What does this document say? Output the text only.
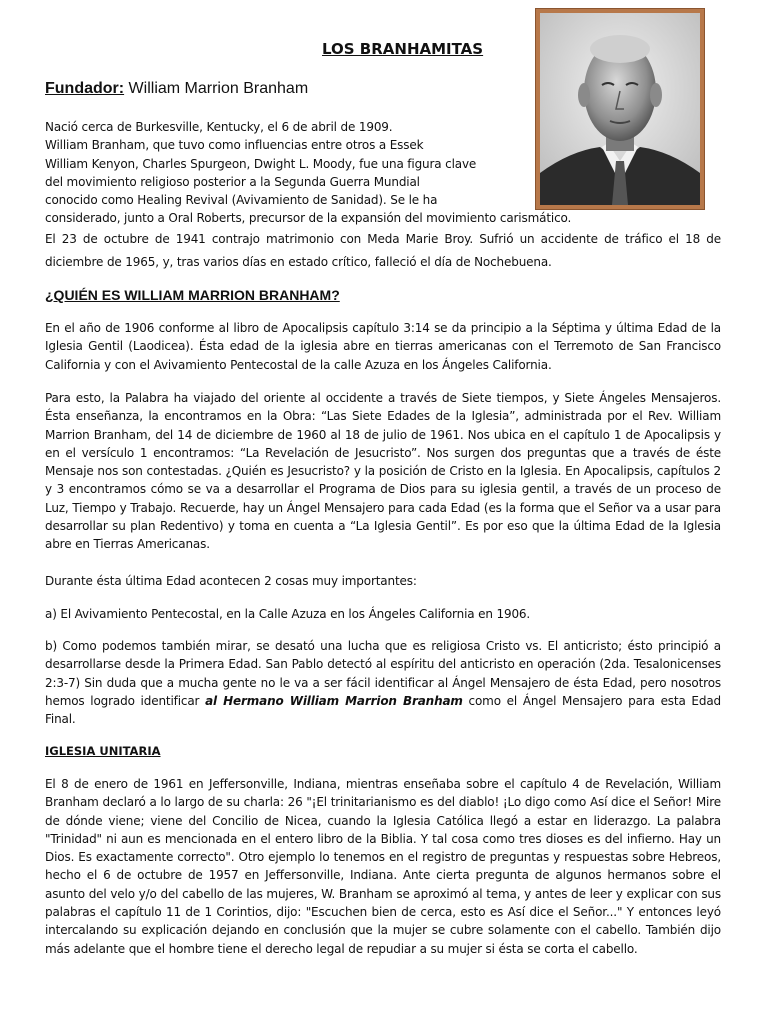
LOS BRANHAMITAS
Fundador: William Marrion Branham
Nació cerca de Burkesville, Kentucky, el 6 de abril de 1909.
William Branham, que tuvo como influencias entre otros a Essek
William Kenyon, Charles Spurgeon, Dwight L. Moody, fue una figura clave
del movimiento religioso posterior a la Segunda Guerra Mundial
conocido como Healing Revival (Avivamiento de Sanidad). Se le ha
considerado, junto a Oral Roberts, precursor de la expansión del movimiento carismático.
El 23 de octubre de 1941 contrajo matrimonio con Meda Marie Broy. Sufrió un accidente de tráfico el 18 de diciembre de 1965, y, tras varios días en estado crítico, falleció el día de Nochebuena.
¿QUIÉN ES WILLIAM MARRION BRANHAM?
En el año de 1906 conforme al libro de Apocalipsis capítulo 3:14 se da principio a la Séptima y última Edad de la Iglesia Gentil (Laodicea). Ésta edad de la iglesia abre en tierras americanas con el Terremoto de San Francisco California y con el Avivamiento Pentecostal de la calle Azuza en los Ángeles California.
Para esto, la Palabra ha viajado del oriente al occidente a través de Siete tiempos, y Siete Ángeles Mensajeros. Ésta enseñanza, la encontramos en la Obra: “Las Siete Edades de la Iglesia”, administrada por el Rev. William Marrion Branham, del 14 de diciembre de 1960 al 18 de julio de 1961. Nos ubica en el capítulo 1 de Apocalipsis y en el versículo 1 encontramos: “La Revelación de Jesucristo”. Nos surgen dos preguntas que a través de éste Mensaje nos son contestadas. ¿Quién es Jesucristo? y la posición de Cristo en la Iglesia. En Apocalipsis, capítulos 2 y 3 encontramos cómo se va a desarrollar el Programa de Dios para su iglesia gentil, a través de un proceso de Luz, Tiempo y Trabajo. Recuerde, hay un Ángel Mensajero para cada Edad (es la forma que el Señor va a usar para desarrollar su plan Redentivo) y toma en cuenta a “La Iglesia Gentil”. Es por eso que la última Edad de la Iglesia abre en Tierras Americanas.
Durante ésta última Edad acontecen 2 cosas muy importantes:
a) El Avivamiento Pentecostal, en la Calle Azuza en los Ángeles California en 1906.
b) Como podemos también mirar, se desató una lucha que es religiosa Cristo vs. El anticristo; ésto principió a desarrollarse desde la Primera Edad. San Pablo detectó al espíritu del anticristo en operación (2da. Tesalonicenses 2:3-7) Sin duda que a mucha gente no le va a ser fácil identificar al Ángel Mensajero de ésta Edad, pero nosotros hemos logrado identificar al Hermano William Marrion Branham como el Ángel Mensajero para esta Edad Final.
IGLESIA UNITARIA
El 8 de enero de 1961 en Jeffersonville, Indiana, mientras enseñaba sobre el capítulo 4 de Revelación, William Branham declaró a lo largo de su charla: 26 "¡El trinitarianismo es del diablo! ¡Lo digo como Así dice el Señor! Mire de dónde viene; viene del Concilio de Nicea, cuando la Iglesia Católica llegó a estar en liderazgo. La palabra "Trinidad" ni aun es mencionada en el entero libro de la Biblia. Y tal cosa como tres dioses es del infierno. Hay un Dios. Es exactamente correcto". Otro ejemplo lo tenemos en el registro de preguntas y respuestas sobre Hebreos, hecho el 6 de octubre de 1957 en Jeffersonville, Indiana. Ante cierta pregunta de algunos hermanos sobre el asunto del velo y/o del cabello de las mujeres, W. Branham se aproximó al tema, y antes de leer y explicar con sus palabras el capítulo 11 de 1 Corintios, dijo: "Escuchen bien de cerca, esto es Así dice el Señor..." Y entonces leyó intercalando su explicación dejando en conclusión que la mujer se cubre solamente con el cabello. También dijo más adelante que el hombre tiene el derecho legal de repudiar a su mujer si ésta se corta el cabello.
